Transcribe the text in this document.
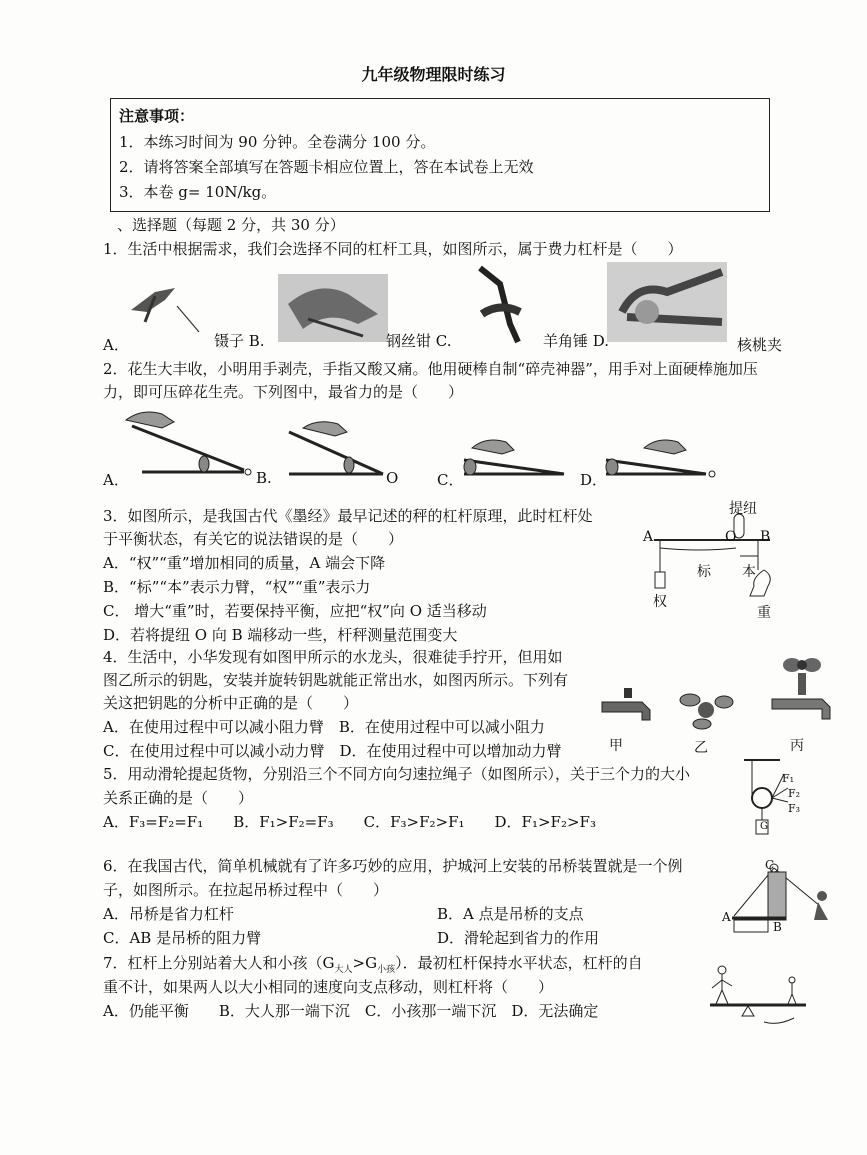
九年级物理限时练习
注意事项：
1．本练习时间为 90 分钟。全卷满分 100 分。
2．请将答案全部填写在答题卡相应位置上，答在本试卷上无效
3．本卷 g= 10N/kg。
、选择题（每题 2 分，共 30 分）
1．生活中根据需求，我们会选择不同的杠杆工具，如图所示，属于费力杠杆是（　　）
A．	镊子 B.	钢丝钳 C.	羊角锤 D.	核桃夹
2．花生大丰收，小明用手剥壳，手指又酸又痛。他用硬棒自制“碎壳神器”，用手对上面硬棒施加压
力，即可压碎花生壳。下列图中，最省力的是（　　）
A．	B.	O	C．	D．
3．如图所示，是我国古代《墨经》最早记述的秤的杠杆原理，此时杠杆处
于平衡状态，有关它的说法错误的是（　　）
A．“权”“重”增加相同的质量，A 端会下降
B．“标”“本”表示力臂，“权”“重”表示力
C． 增大“重”时，若要保持平衡，应把“权”向 O 适当移动
D．若将提纽 O 向 B 端移动一些，杆秤测量范围变大
提纽
A	O B
标 本
权
重
4．生活中，小华发现有如图甲所示的水龙头，很难徒手拧开，但用如
图乙所示的钥匙，安装并旋转钥匙就能正常出水，如图丙所示。下列有
关这把钥匙的分析中正确的是（　　）
A．在使用过程中可以减小阻力臂　B．在使用过程中可以减小阻力
C．在使用过程中可以减小动力臂　D．在使用过程中可以增加动力臂	甲	乙	丙
5．用动滑轮提起货物，分别沿三个不同方向匀速拉绳子（如图所示），关于三个力的大小
关系正确的是（　　）
A．F₃=F₂=F₁　　B．F₁>F₂=F₃　　C．F₃>F₂>F₁　　D．F₁>F₂>F₃
F₁
F₂
F₃
G
6．在我国古代，简单机械就有了许多巧妙的应用，护城河上安装的吊桥装置就是一个例
子，如图所示。在拉起吊桥过程中（　　）
A．吊桥是省力杠杆	B．A 点是吊桥的支点
C．AB 是吊桥的阻力臂	D．滑轮起到省力的作用
C
A
B
7．杠杆上分别站着大人和小孩$(G_{大人}>G_{小孩})$．最初杠杆保持水平状态，杠杆的自
重不计，如果两人以大小相同的速度向支点移动，则杠杆将（　　）
A．仍能平衡　　B．大人那一端下沉　C．小孩那一端下沉　D．无法确定
